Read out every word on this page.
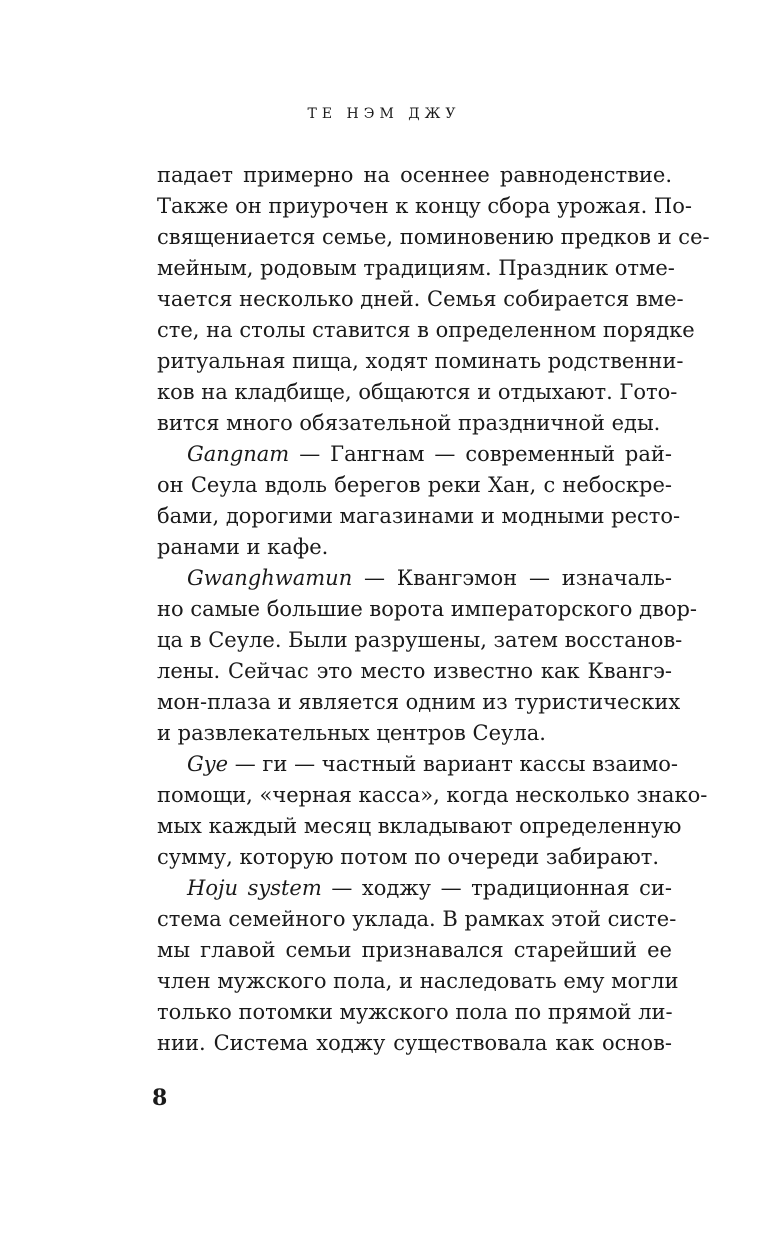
ТЕ НЭМ ДЖУ
падает примерно на осеннее равноденствие.
Также он приурочен к концу сбора урожая. По-
священиается семье, поминовению предков и се-
мейным, родовым традициям. Праздник отме-
чается несколько дней. Семья собирается вме-
сте, на столы ставится в определенном порядке
ритуальная пища, ходят поминать родственни-
ков на кладбище, общаются и отдыхают. Гото-
вится много обязательной праздничной еды.
Gangnam — Гангнам — современный рай-
он Сеула вдоль берегов реки Хан, с небоскре-
бами, дорогими магазинами и модными ресто-
ранами и кафе.
Gwanghwamun — Квангэмон — изначаль-
но самые большие ворота императорского двор-
ца в Сеуле. Были разрушены, затем восстанов-
лены. Сейчас это место известно как Квангэ-
мон-плаза и является одним из туристических
и развлекательных центров Сеула.
Gye — ги — частный вариант кассы взаимо-
помощи, «черная касса», когда несколько знако-
мых каждый месяц вкладывают определенную
сумму, которую потом по очереди забирают.
Hoju system — ходжу — традиционная си-
стема семейного уклада. В рамках этой систе-
мы главой семьи признавался старейший ее
член мужского пола, и наследовать ему могли
только потомки мужского пола по прямой ли-
нии. Система ходжу существовала как основ-
8
